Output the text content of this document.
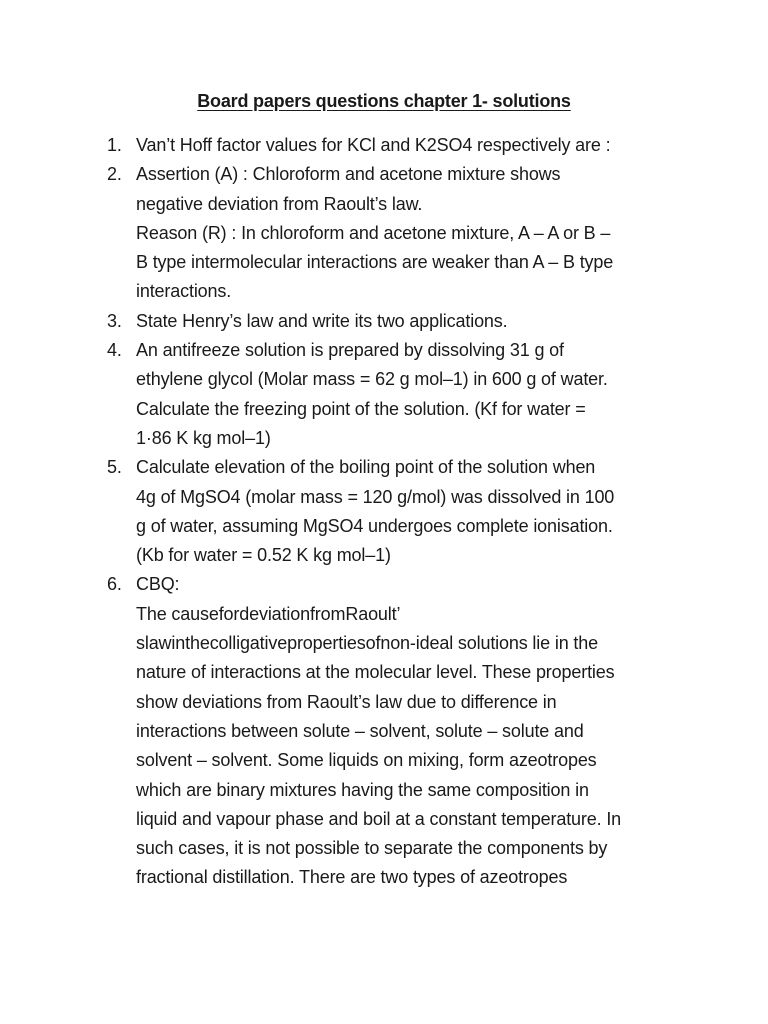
Board papers questions chapter 1- solutions
1. Van’t Hoff factor values for KCl and K2SO4 respectively are :
2. Assertion (A) : Chloroform and acetone mixture shows
negative deviation from Raoult’s law.
Reason (R) : In chloroform and acetone mixture, A – A or B –
B type intermolecular interactions are weaker than A – B type
interactions.
3. State Henry’s law and write its two applications.
4. An antifreeze solution is prepared by dissolving 31 g of
ethylene glycol (Molar mass = 62 g mol–1) in 600 g of water.
Calculate the freezing point of the solution. (Kf for water =
1·86 K kg mol–1)
5. Calculate elevation of the boiling point of the solution when
4g of MgSO4 (molar mass = 120 g/mol) was dissolved in 100
g of water, assuming MgSO4 undergoes complete ionisation.
(Kb for water = 0.52 K kg mol–1)
6. CBQ:
The causefordeviationfromRaoult’
slawinthecolligativepropertiesofnon-ideal solutions lie in the
nature of interactions at the molecular level. These properties
show deviations from Raoult’s law due to difference in
interactions between solute – solvent, solute – solute and
solvent – solvent. Some liquids on mixing, form azeotropes
which are binary mixtures having the same composition in
liquid and vapour phase and boil at a constant temperature. In
such cases, it is not possible to separate the components by
fractional distillation. There are two types of azeotropes
